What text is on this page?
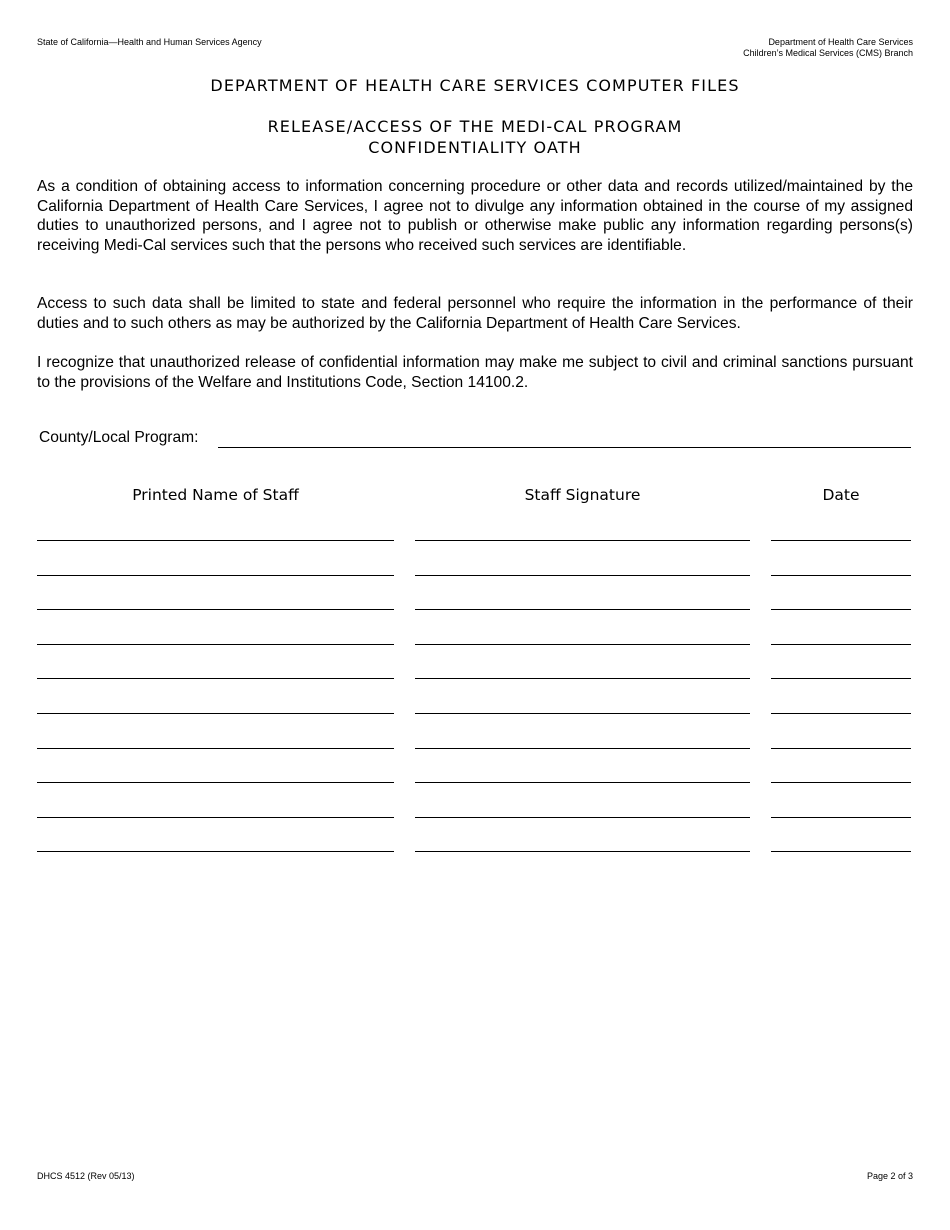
State of California—Health and Human Services Agency	Department of Health Care Services
Children’s Medical Services (CMS) Branch
DEPARTMENT OF HEALTH CARE SERVICES COMPUTER FILES
RELEASE/ACCESS OF THE MEDI-CAL PROGRAM
CONFIDENTIALITY OATH

As a condition of obtaining access to information concerning procedure or other data and records utilized/maintained by the California Department of Health Care Services, I agree not to divulge any information obtained in the course of my assigned duties to unauthorized persons, and I agree not to publish or otherwise make public any information regarding persons(s) receiving Medi-Cal services such that the persons who received such services are identifiable.

Access to such data shall be limited to state and federal personnel who require the information in the performance of their duties and to such others as may be authorized by the California Department of Health Care Services.

I recognize that unauthorized release of confidential information may make me subject to civil and criminal sanctions pursuant to the provisions of the Welfare and Institutions Code, Section 14100.2.

County/Local Program:
Printed Name of Staff	Staff Signature	Date
DHCS 4512 (Rev 05/13)	Page 2 of 3
